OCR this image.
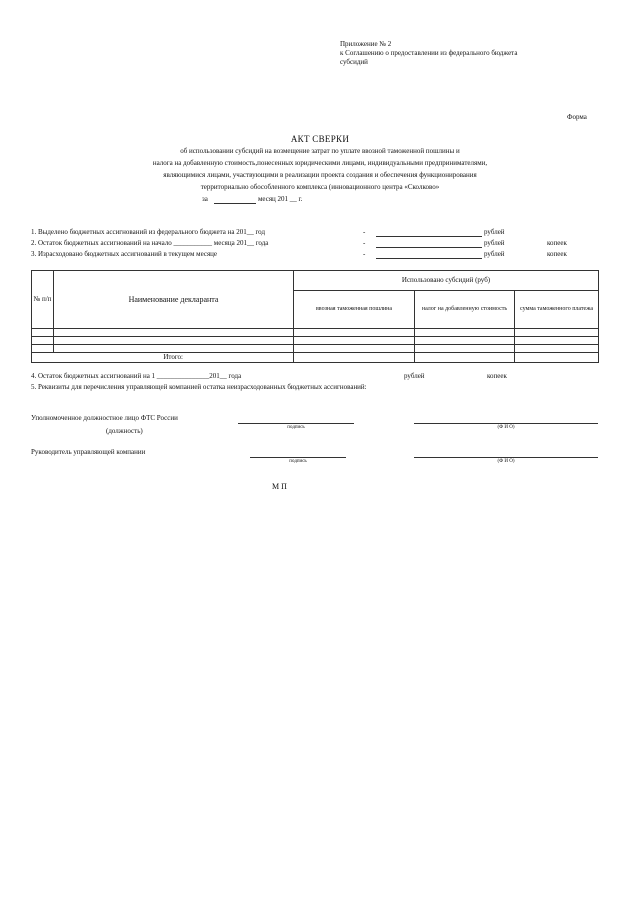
Приложение № 2
к Соглашению о предоставлении из федерального бюджета
субсидий
Форма
АКТ СВЕРКИ
об использовании субсидий на возмещение затрат по уплате ввозной таможенной пошлины и
налога на добавленную стоимость,понесенных юридическими лицами, индивидуальными предпринимателями,
являющимися лицами, участвующими в реализации проекта создания и обеспечения функционирования
территориально обособленного комплекса (инновационного центра «Сколково»
за	месяц 201 __ г.
1. Выделено бюджетных ассигнований из федерального бюджета на 201__ год	-	рублей
2. Остаток бюджетных ассигнований на начало ___________ месяца 201__ года	-	рублей	копеек
3. Израсходовано бюджетных ассигнований в текущем месяце	-	рублей	копеек
№ п/п	Наименование декларанта	Использовано субсидий (руб)		
		ввозная таможенная пошлина	налог на добавленную стоимость	сумма таможенного платежа

Итого:				
4. Остаток бюджетных ассигнований на 1 _______________201__ года	рублей	копеек
5. Реквизиты для перечисления управляющей компанией остатка неизрасходованных бюджетных ассигнований:
Уполномоченное должностное лицо ФТС России
(должность)	подпись	(Ф И О)
Руководитель управляющей компании
подпись	(Ф И О)
М П
